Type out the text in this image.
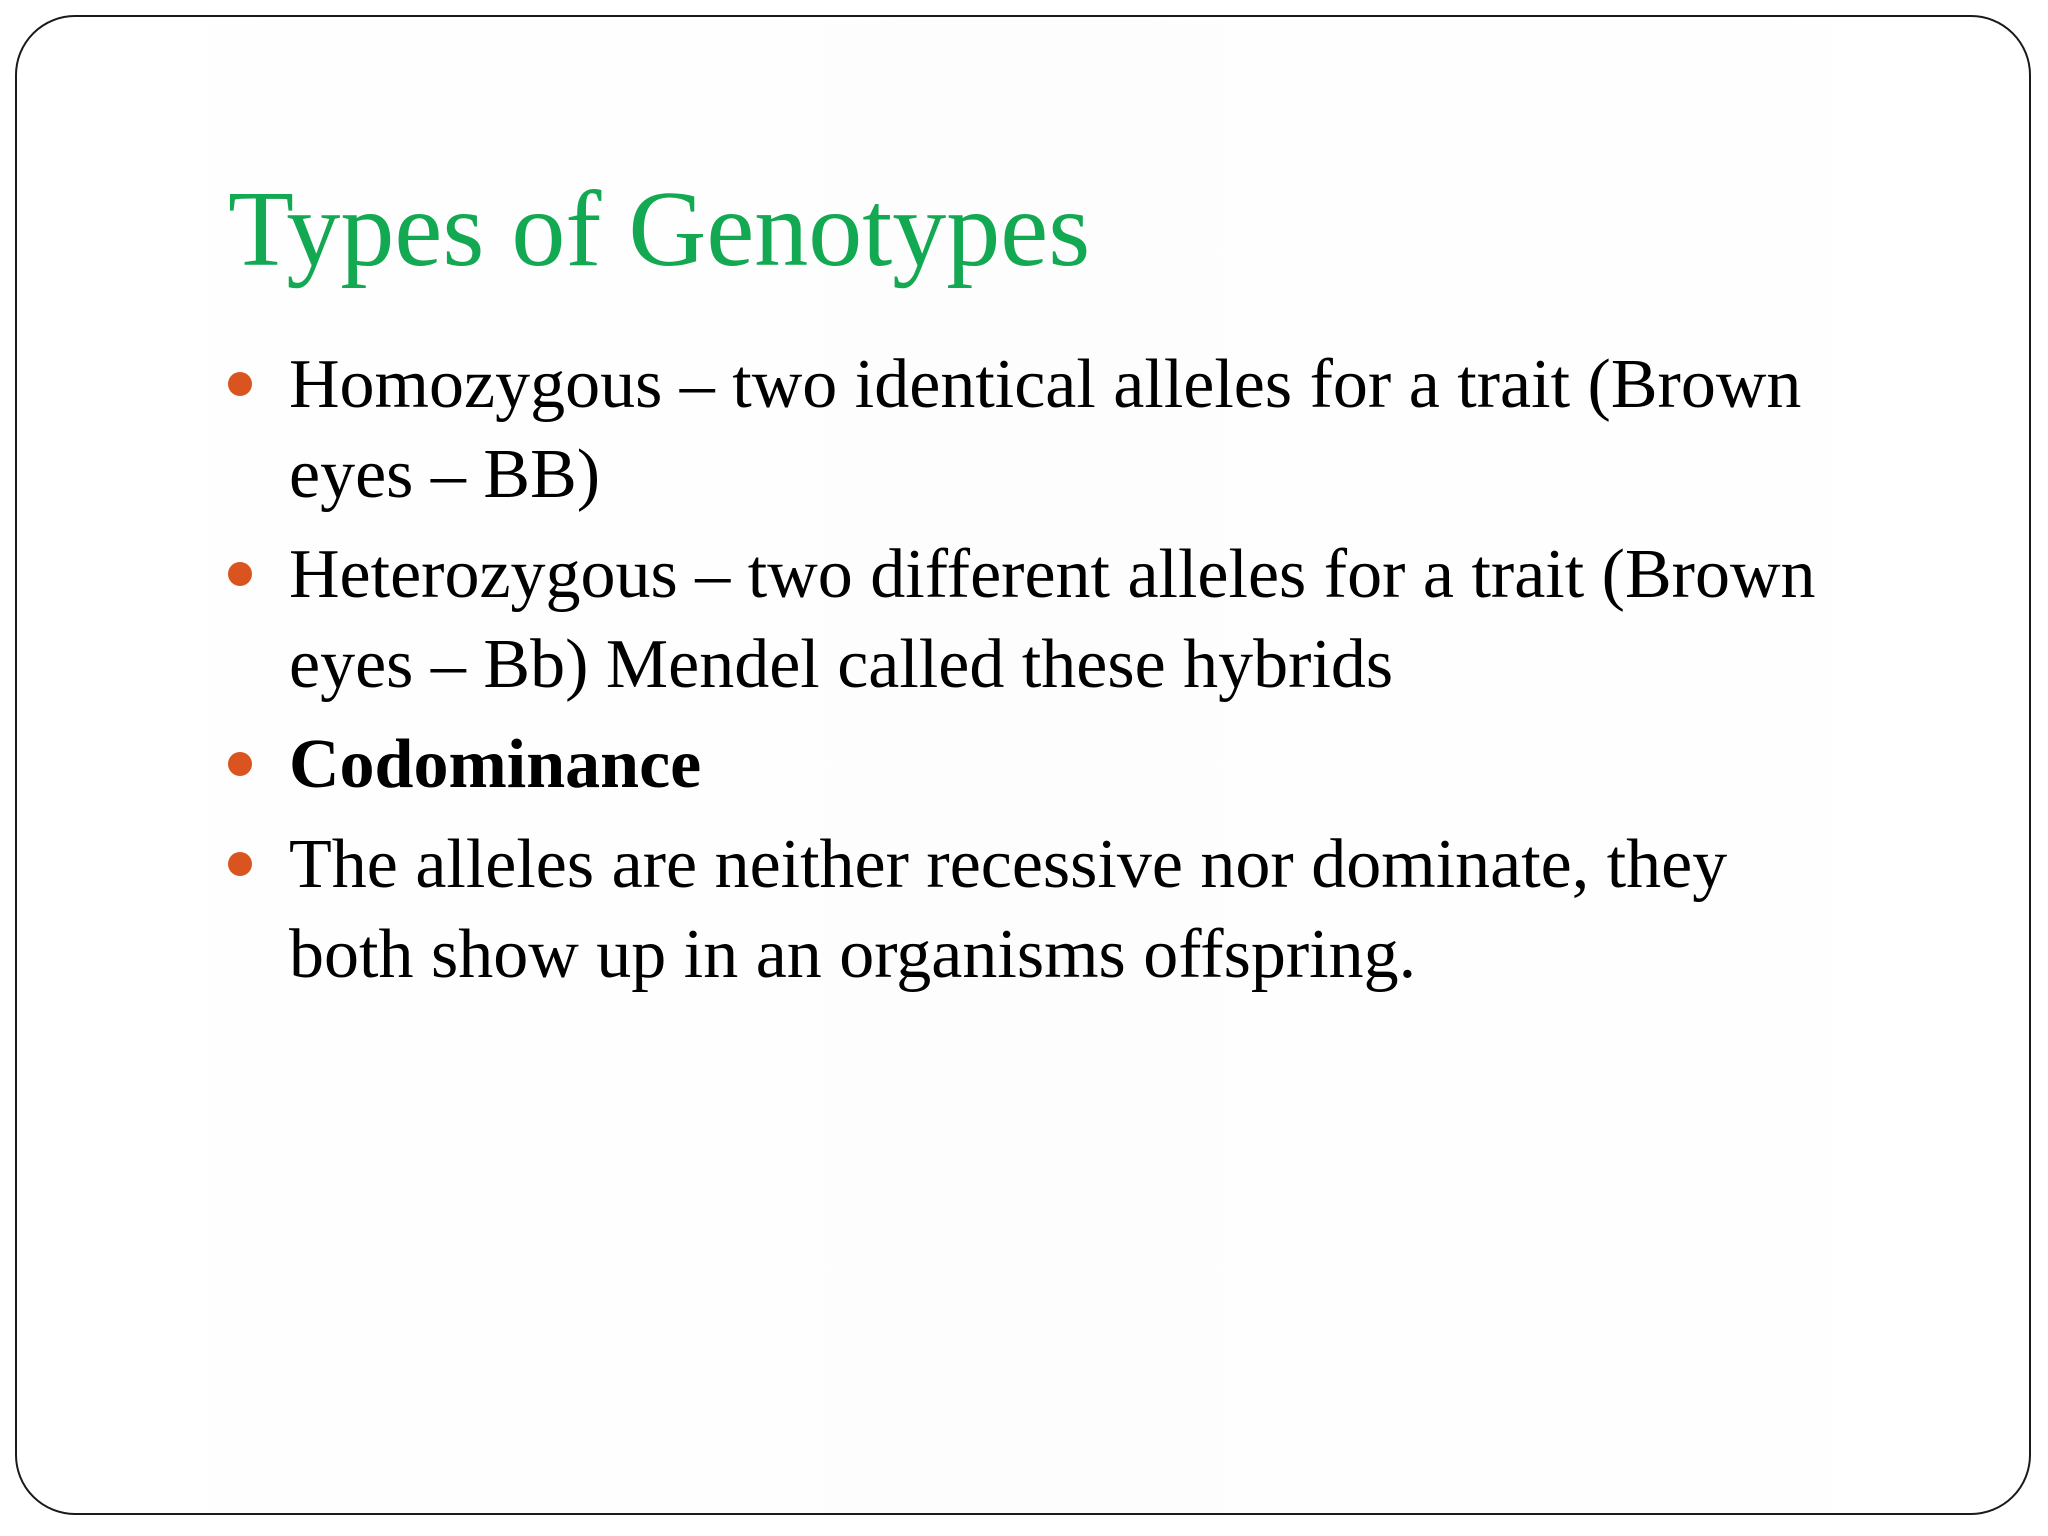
Types of Genotypes
Homozygous – two identical alleles for a trait (Brown
eyes – BB)
Heterozygous – two different alleles for a trait (Brown
eyes – Bb) Mendel called these hybrids
Codominance
The alleles are neither recessive nor dominate, they
both show up in an organisms offspring.
